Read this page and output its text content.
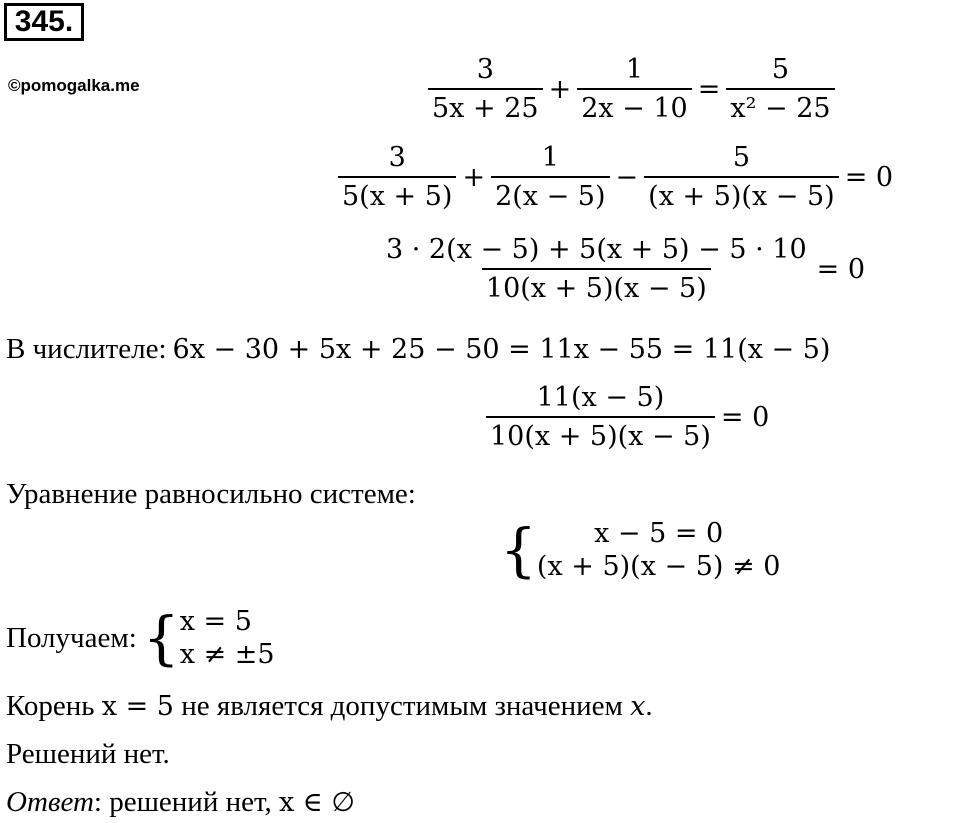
345.
©pomogalka.me	$\frac{3}{5x + 25} + \frac{1}{2x - 10} = \frac{5}{\text{x² − 25}}$
$\frac{3}{5(x + 5)} + \frac{1}{2(x - 5)} - \frac{5}{(x + 5)(x - 5)} = 0$
$\frac{3 \cdot 2(x - 5) + 5(x + 5) - 5 \cdot 10}{10(x + 5)(x - 5)} = 0$
В числителе: 6x − 30 + 5x + 25 − 50 = 11x − 55 = 11(x − 5)
$\frac{11(x - 5)}{10(x + 5)(x - 5)} = 0$
Уравнение равносильно системе:
{	x − 5 = 0
(x + 5)(x − 5) ≠ 0
Получаем: { x = 5
x ≠ ±5
Корень x = 5 не является допустимым значением x.
Решений нет.
Ответ: решений нет, x ∈ ∅
